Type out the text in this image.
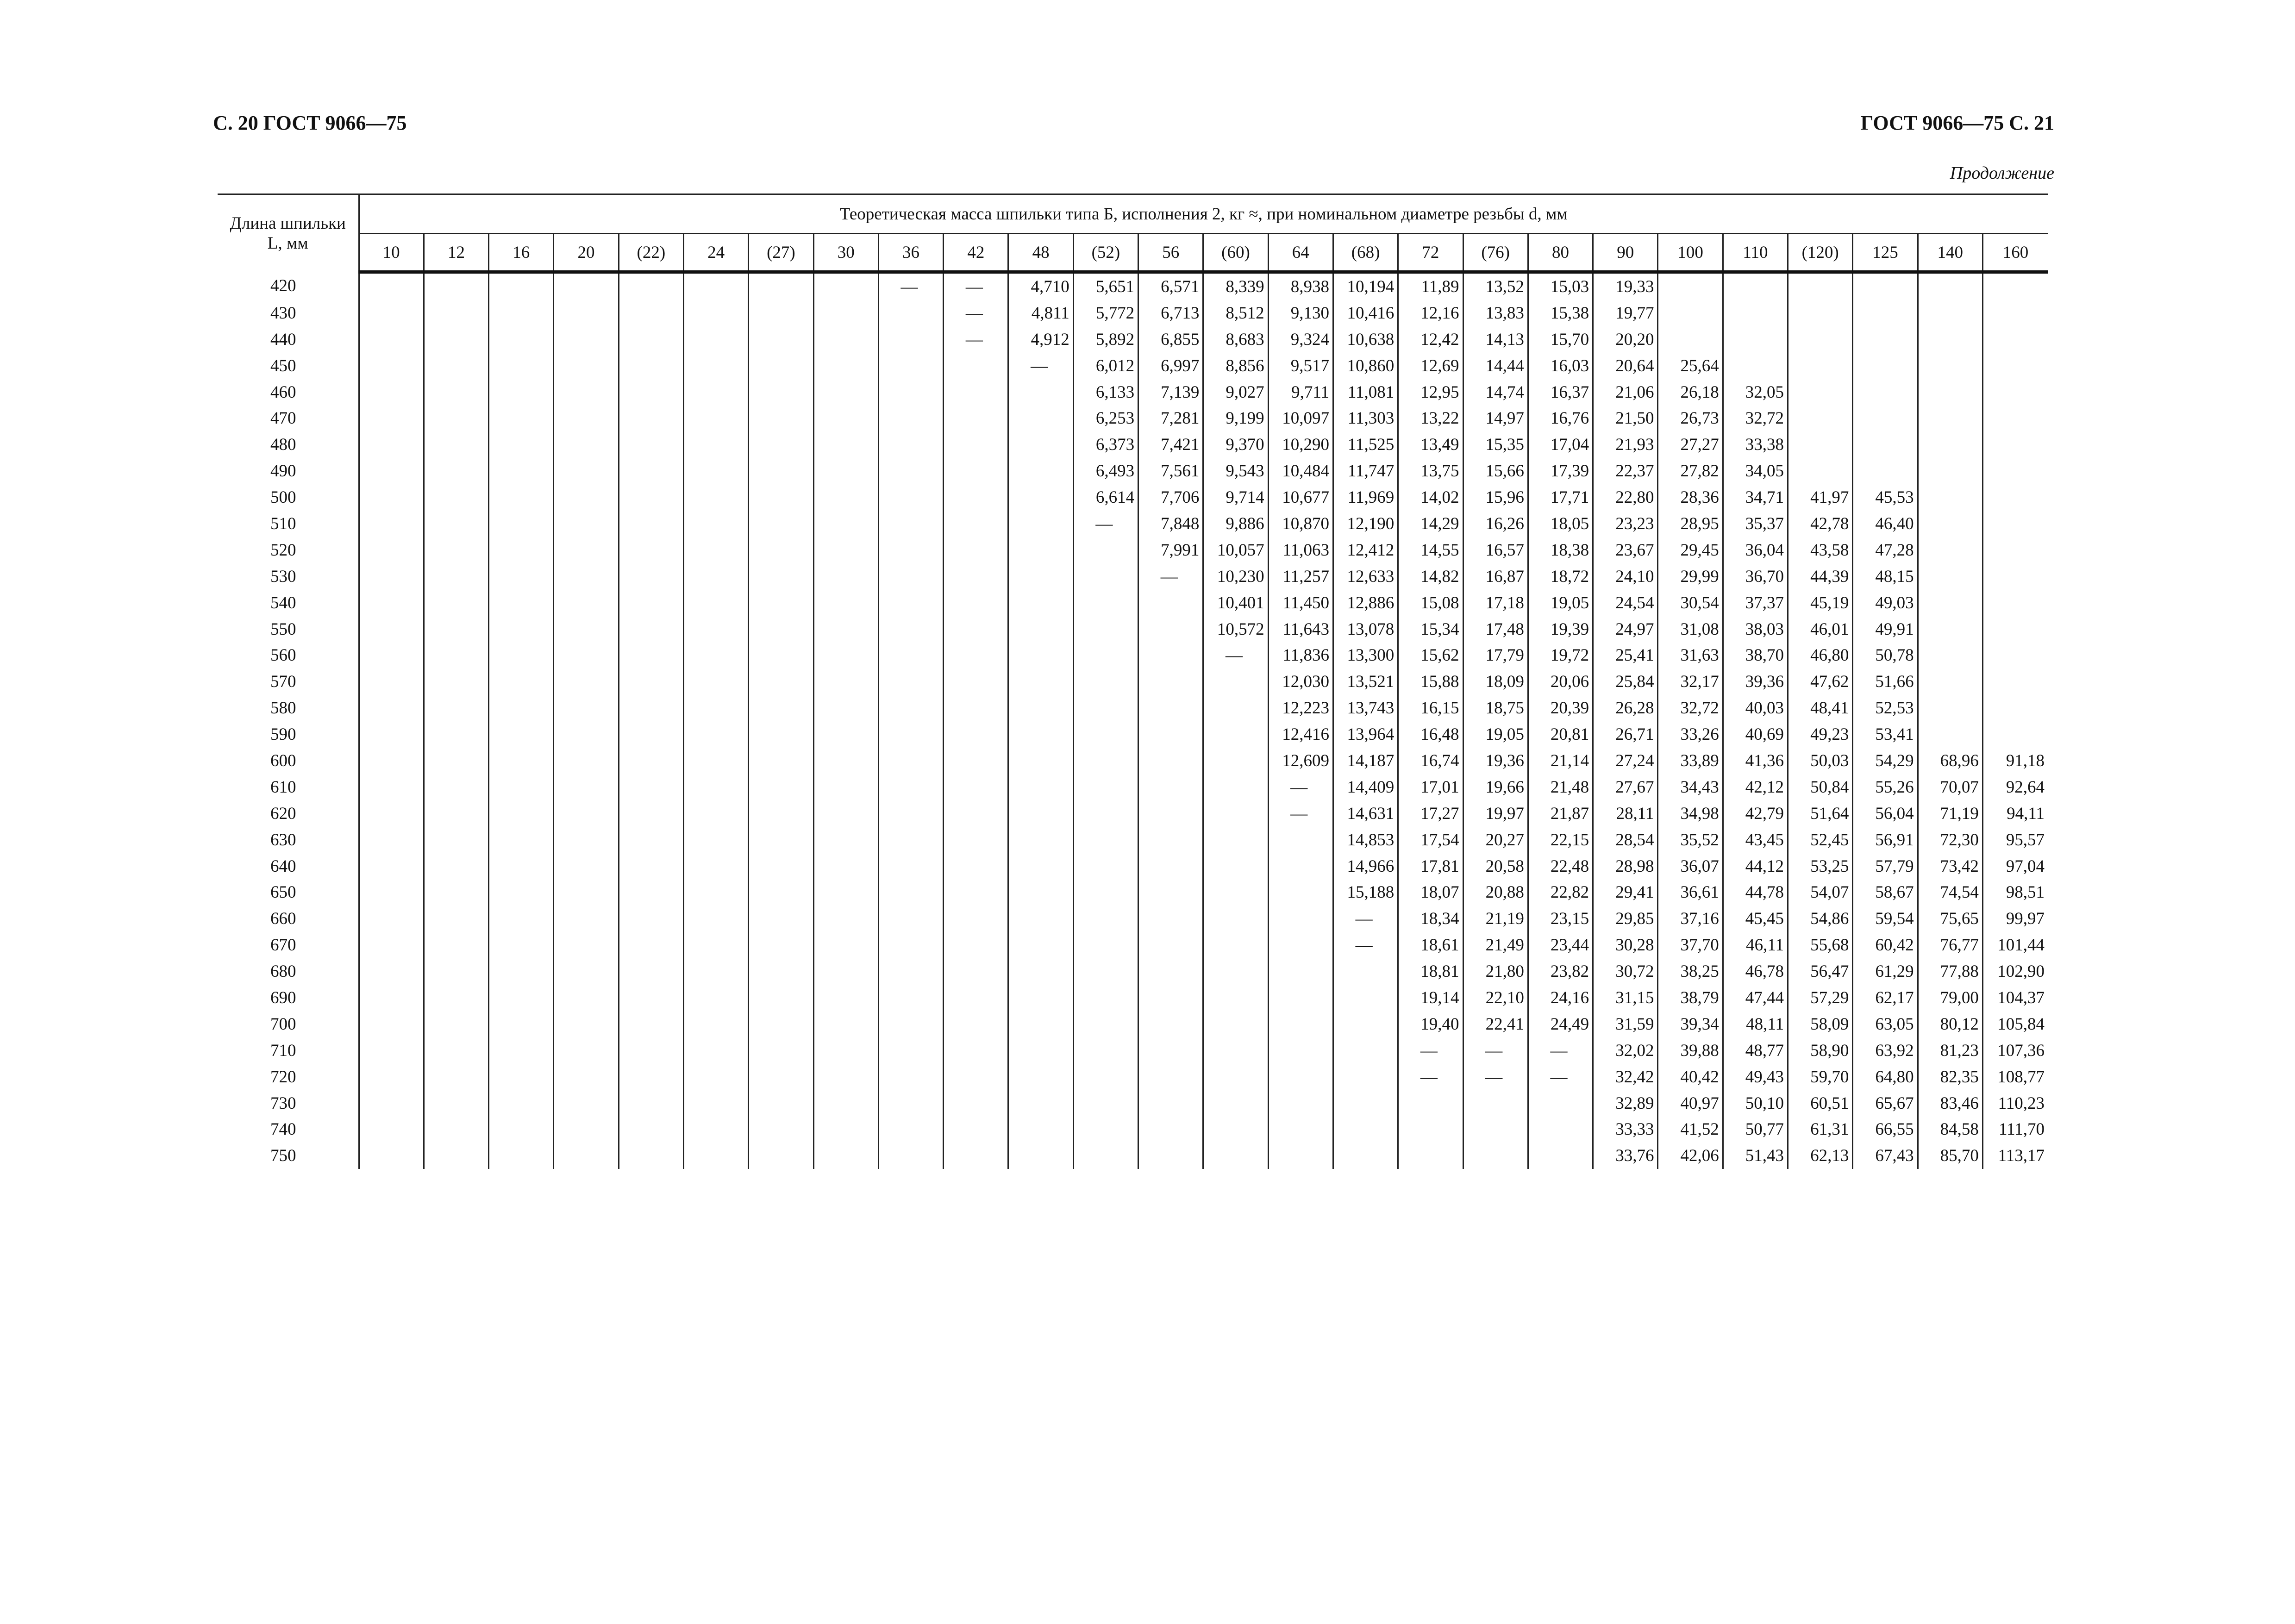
С. 20 ГОСТ 9066—75	ГОСТ 9066—75 С. 21
Продолжение
Длина шпильки
L, мм	Теоретическая масса шпильки типа Б, исполнения 2, кг ≈, при номинальном диаметре резьбы d, мм																									
	10	12	16	20	(22)	24	(27)	30	36	42	48	(52)	56	(60)	64	(68)	72	(76)	80	90	100	110	(120)	125	140	160
420									—	—	4,710	5,651	6,571	8,339	8,938	10,194	11,89	13,52	15,03	19,33						
430										—	4,811	5,772	6,713	8,512	9,130	10,416	12,16	13,83	15,38	19,77						
440										—	4,912	5,892	6,855	8,683	9,324	10,638	12,42	14,13	15,70	20,20						
450											—	6,012	6,997	8,856	9,517	10,860	12,69	14,44	16,03	20,64	25,64					
460												6,133	7,139	9,027	9,711	11,081	12,95	14,74	16,37	21,06	26,18	32,05				
470												6,253	7,281	9,199	10,097	11,303	13,22	14,97	16,76	21,50	26,73	32,72				
480												6,373	7,421	9,370	10,290	11,525	13,49	15,35	17,04	21,93	27,27	33,38				
490												6,493	7,561	9,543	10,484	11,747	13,75	15,66	17,39	22,37	27,82	34,05				
500												6,614	7,706	9,714	10,677	11,969	14,02	15,96	17,71	22,80	28,36	34,71	41,97	45,53		
510												—	7,848	9,886	10,870	12,190	14,29	16,26	18,05	23,23	28,95	35,37	42,78	46,40		
520													7,991	10,057	11,063	12,412	14,55	16,57	18,38	23,67	29,45	36,04	43,58	47,28		
530													—	10,230	11,257	12,633	14,82	16,87	18,72	24,10	29,99	36,70	44,39	48,15		
540														10,401	11,450	12,886	15,08	17,18	19,05	24,54	30,54	37,37	45,19	49,03		
550														10,572	11,643	13,078	15,34	17,48	19,39	24,97	31,08	38,03	46,01	49,91		
560														—	11,836	13,300	15,62	17,79	19,72	25,41	31,63	38,70	46,80	50,78		
570															12,030	13,521	15,88	18,09	20,06	25,84	32,17	39,36	47,62	51,66		
580															12,223	13,743	16,15	18,75	20,39	26,28	32,72	40,03	48,41	52,53		
590															12,416	13,964	16,48	19,05	20,81	26,71	33,26	40,69	49,23	53,41		
600															12,609	14,187	16,74	19,36	21,14	27,24	33,89	41,36	50,03	54,29	68,96	91,18
610															—	14,409	17,01	19,66	21,48	27,67	34,43	42,12	50,84	55,26	70,07	92,64
620															—	14,631	17,27	19,97	21,87	28,11	34,98	42,79	51,64	56,04	71,19	94,11
630																14,853	17,54	20,27	22,15	28,54	35,52	43,45	52,45	56,91	72,30	95,57
640																14,966	17,81	20,58	22,48	28,98	36,07	44,12	53,25	57,79	73,42	97,04
650																15,188	18,07	20,88	22,82	29,41	36,61	44,78	54,07	58,67	74,54	98,51
660																—	18,34	21,19	23,15	29,85	37,16	45,45	54,86	59,54	75,65	99,97
670																—	18,61	21,49	23,44	30,28	37,70	46,11	55,68	60,42	76,77	101,44
680																	18,81	21,80	23,82	30,72	38,25	46,78	56,47	61,29	77,88	102,90
690																	19,14	22,10	24,16	31,15	38,79	47,44	57,29	62,17	79,00	104,37
700																	19,40	22,41	24,49	31,59	39,34	48,11	58,09	63,05	80,12	105,84
710																	—	—	—	32,02	39,88	48,77	58,90	63,92	81,23	107,36
720																	—	—	—	32,42	40,42	49,43	59,70	64,80	82,35	108,77
730																				32,89	40,97	50,10	60,51	65,67	83,46	110,23
740																				33,33	41,52	50,77	61,31	66,55	84,58	111,70
750																				33,76	42,06	51,43	62,13	67,43	85,70	113,17
